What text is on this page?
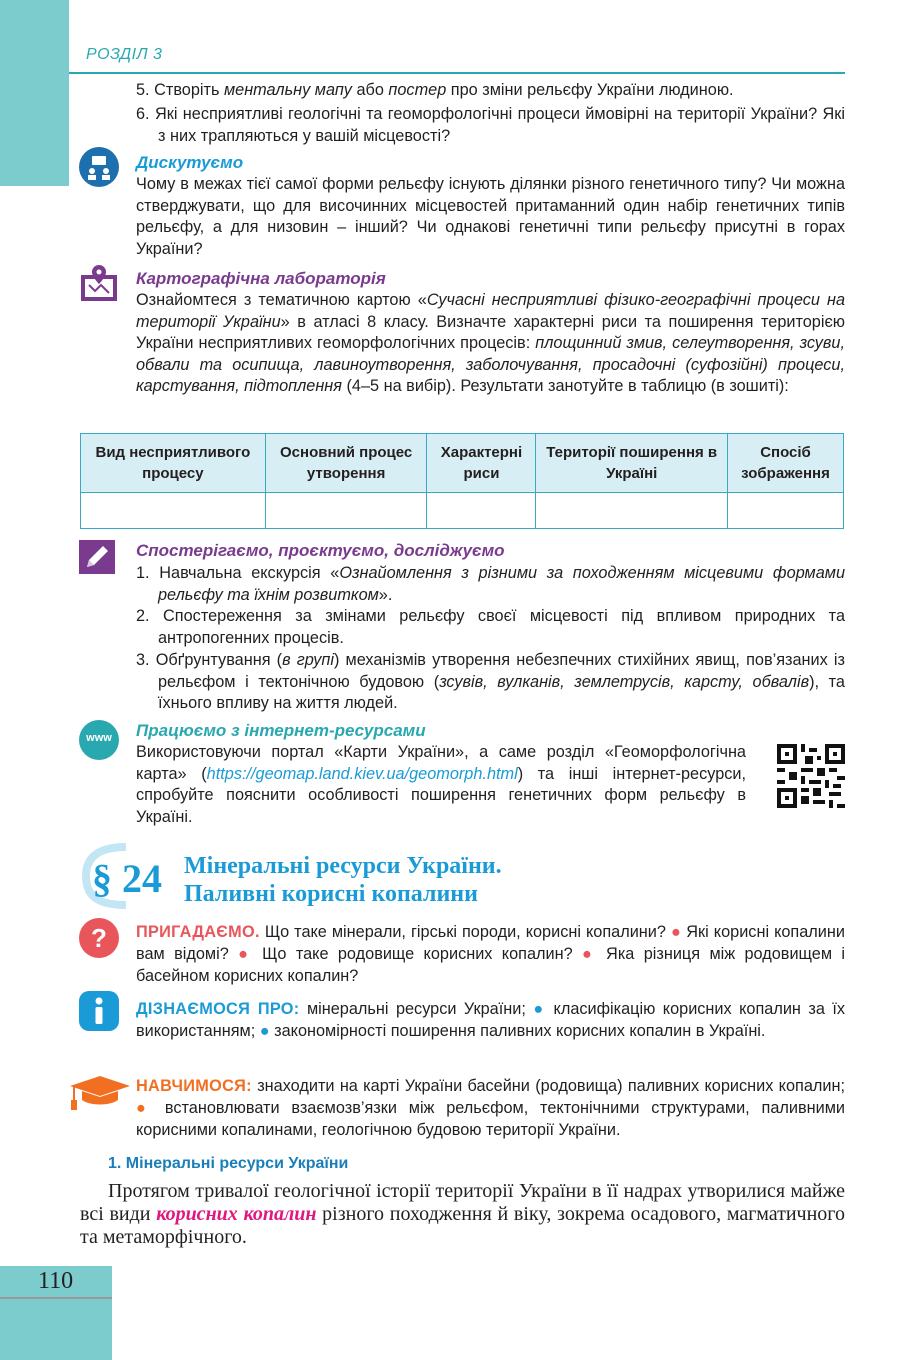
РОЗДІЛ 3
5. Створіть ментальну мапу або постер про зміни рельєфу України людиною.
6. Які несприятливі геологічні та геоморфологічні процеси ймовірні на території України? Які з них трапляються у вашій місцевості?
Дискутуємо
Чому в межах тієї самої форми рельєфу існують ділянки різного генетичного типу? Чи можна стверджувати, що для височинних місцевостей притаманний один набір генетичних типів рельєфу, а для низовин – інший? Чи однакові генетичні типи рельєфу присутні в горах України?
Картографічна лабораторія
Ознайомтеся з тематичною картою «Сучасні несприятливі фізико-географічні процеси на території України» в атласі 8 класу. Визначте характерні риси та поширення територією України несприятливих геоморфологічних процесів: площинний змив, селеутворення, зсуви, обвали та осипища, лавиноутворення, заболочування, просадочні (суфозійні) процеси, карстування, підтоплення (4–5 на вибір). Результати занотуйте в таблицю (в зошиті):
Вид несприятливого процесу	Основний процес утворення	Характерні риси	Території поширення в Україні	Спосіб зображення

Спостерігаємо, проєктуємо, досліджуємо
1. Навчальна екскурсія «Ознайомлення з різними за походженням місцевими формами рельєфу та їхнім розвитком».
2. Спостереження за змінами рельєфу своєї місцевості під впливом природних та антропогенних процесів.
3. Обґрунтування (в групі) механізмів утворення небезпечних стихійних явищ, пов’язаних із рельєфом і тектонічною будовою (зсувів, вулканів, землетрусів, карсту, обвалів), та їхнього впливу на життя людей.
www	Працюємо з інтернет-ресурсами
Використовуючи портал «Карти України», а саме розділ «Геоморфологічна карта» (https://geomap.land.kiev.ua/geomorph.html) та інші інтернет-ресурси, спробуйте пояснити особливості поширення генетичних форм рельєфу в Україні.
§ 24 Мінеральні ресурси України.
Паливні корисні копалини
? ПРИГАДАЄМО. Що таке мінерали, гірські породи, корисні копалини? ● Які корисні копалини вам відомі? ● Що таке родовище корисних копалин? ● Яка різниця між родовищем і басейном корисних копалин?
ДІЗНАЄМОСЯ ПРО: мінеральні ресурси України; ● класифікацію корисних копалин за їх використанням; ● закономірності поширення паливних корисних копалин в Україні.
НАВЧИМОСЯ: знаходити на карті України басейни (родовища) паливних корисних копалин; ● встановлювати взаємозв’язки між рельєфом, тектонічними структурами, паливними корисними копалинами, геологічною будовою території України.
1. Мінеральні ресурси України
Протягом тривалої геологічної історії території України в її надрах утворилися майже всі види корисних копалин різного походження й віку, зокрема осадового, магматичного та метаморфічного.
110
